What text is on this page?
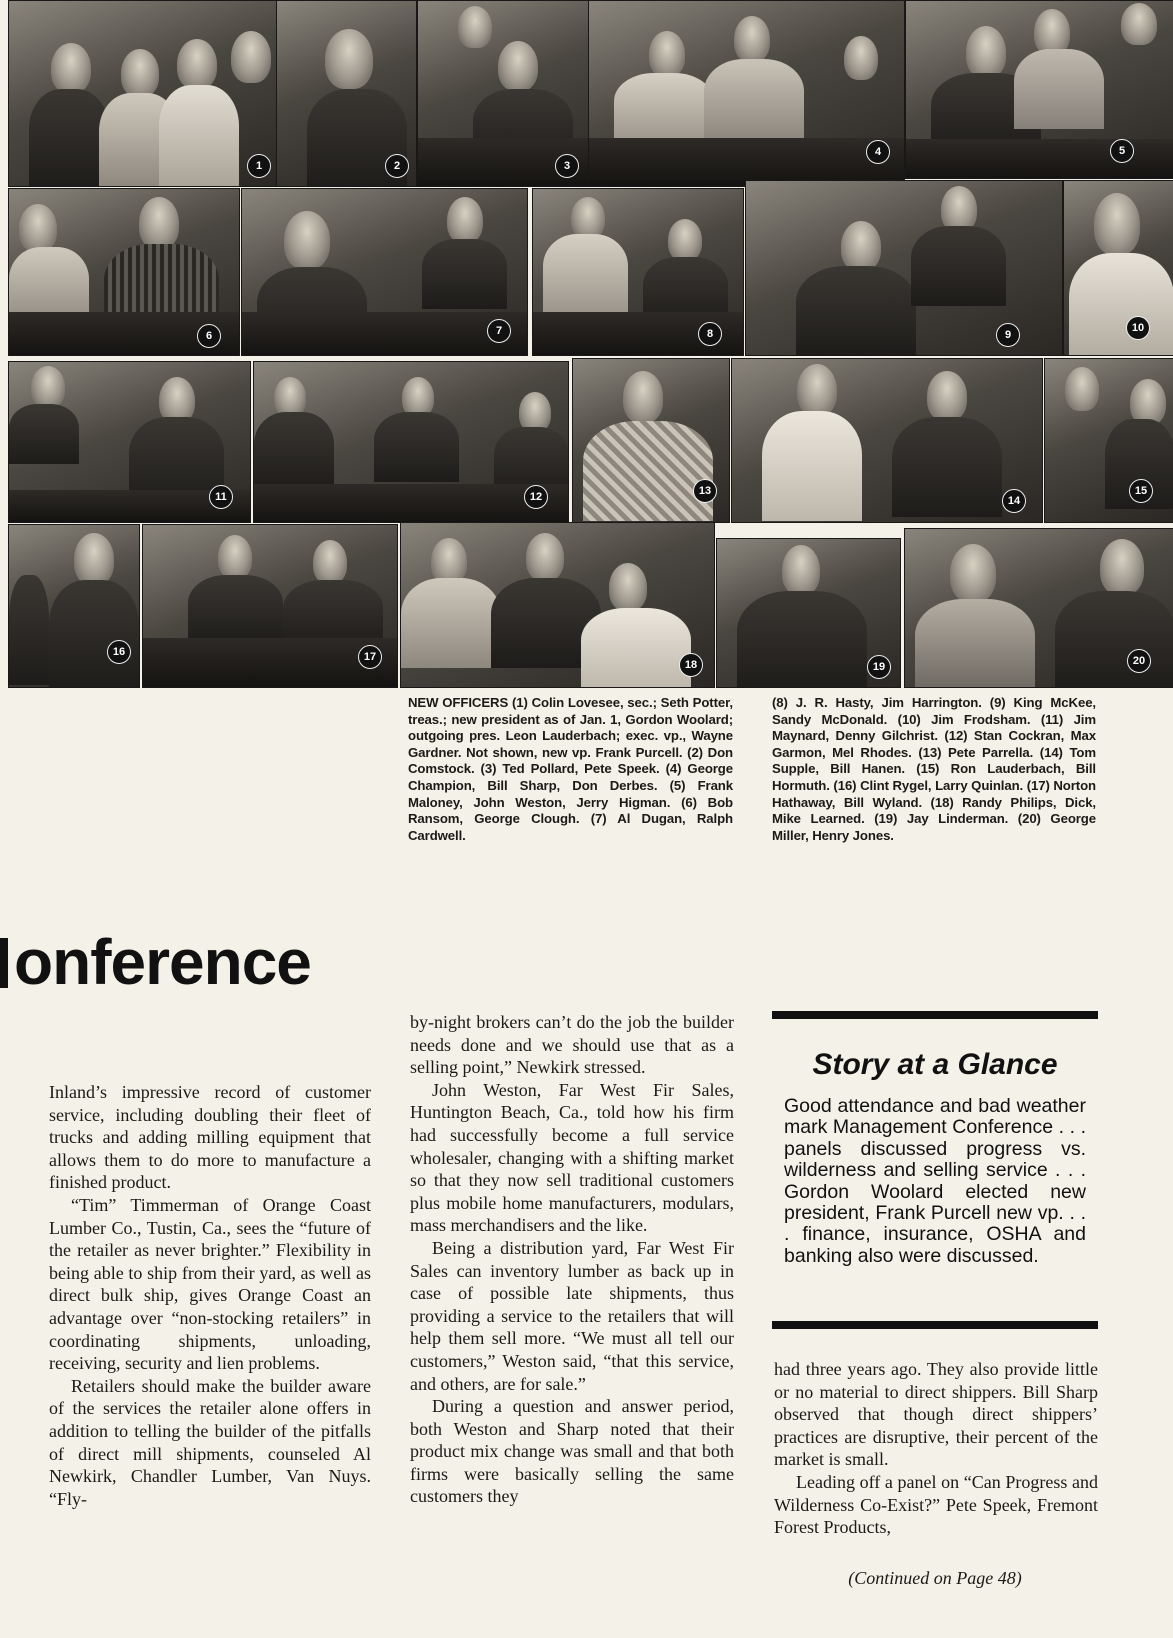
1	2	3
4	5
6	7	8	9
10
11	12	13
14
15
16	17
18	19	20
NEW OFFICERS (1) Colin Lovesee, sec.; Seth Potter, treas.; new president as of Jan. 1, Gordon Woolard; outgoing pres. Leon Lauderbach; exec. vp., Wayne Gardner. Not shown, new vp. Frank Purcell. (2) Don Comstock. (3) Ted Pollard, Pete Speek. (4) George Champion, Bill Sharp, Don Derbes. (5) Frank Maloney, John Weston, Jerry Higman. (6) Bob Ransom, George Clough. (7) Al Dugan, Ralph Cardwell.
(8) J. R. Hasty, Jim Harrington. (9) King McKee, Sandy McDonald. (10) Jim Frodsham. (11) Jim Maynard, Denny Gilchrist. (12) Stan Cockran, Max Garmon, Mel Rhodes. (13) Pete Parrella. (14) Tom Supple, Bill Hanen. (15) Ron Lauderbach, Bill Hormuth. (16) Clint Rygel, Larry Quinlan. (17) Norton Hathaway, Bill Wyland. (18) Randy Philips, Dick, Mike Learned. (19) Jay Linderman. (20) George Miller, Henry Jones.
onference

Inland’s impressive record of customer service, including doubling their fleet of trucks and adding milling equipment that allows them to do more to manufacture a finished product.

“Tim” Timmerman of Orange Coast Lumber Co., Tustin, Ca., sees the “future of the retailer as never brighter.” Flexibility in being able to ship from their yard, as well as direct bulk ship, gives Orange Coast an advantage over “non-stocking retailers” in coordinating shipments, unloading, receiving, security and lien problems.

Retailers should make the builder aware of the services the retailer alone offers in addition to telling the builder of the pitfalls of direct mill shipments, counseled Al Newkirk, Chandler Lumber, Van Nuys. “Fly-

by-night brokers can’t do the job the builder needs done and we should use that as a selling point,” Newkirk stressed.

John Weston, Far West Fir Sales, Huntington Beach, Ca., told how his firm had successfully become a full service wholesaler, changing with a shifting market so that they now sell traditional customers plus mobile home manufacturers, modulars, mass merchandisers and the like.

Being a distribution yard, Far West Fir Sales can inventory lumber as back up in case of possible late shipments, thus providing a service to the retailers that will help them sell more. “We must all tell our customers,” Weston said, “that this service, and others, are for sale.”

During a question and answer period, both Weston and Sharp noted that their product mix change was small and that both firms were basically selling the same customers they

Story at a Glance
Good attendance and bad weather mark Management Conference . . . panels discussed progress vs. wilderness and selling service . . . Gordon Woolard elected new president, Frank Purcell new vp. . . . finance, insurance, OSHA and banking also were discussed.

had three years ago. They also provide little or no material to direct shippers. Bill Sharp observed that though direct shippers’ practices are disruptive, their percent of the market is small.

Leading off a panel on “Can Progress and Wilderness Co-Exist?” Pete Speek, Fremont Forest Products,

(Continued on Page 48)
